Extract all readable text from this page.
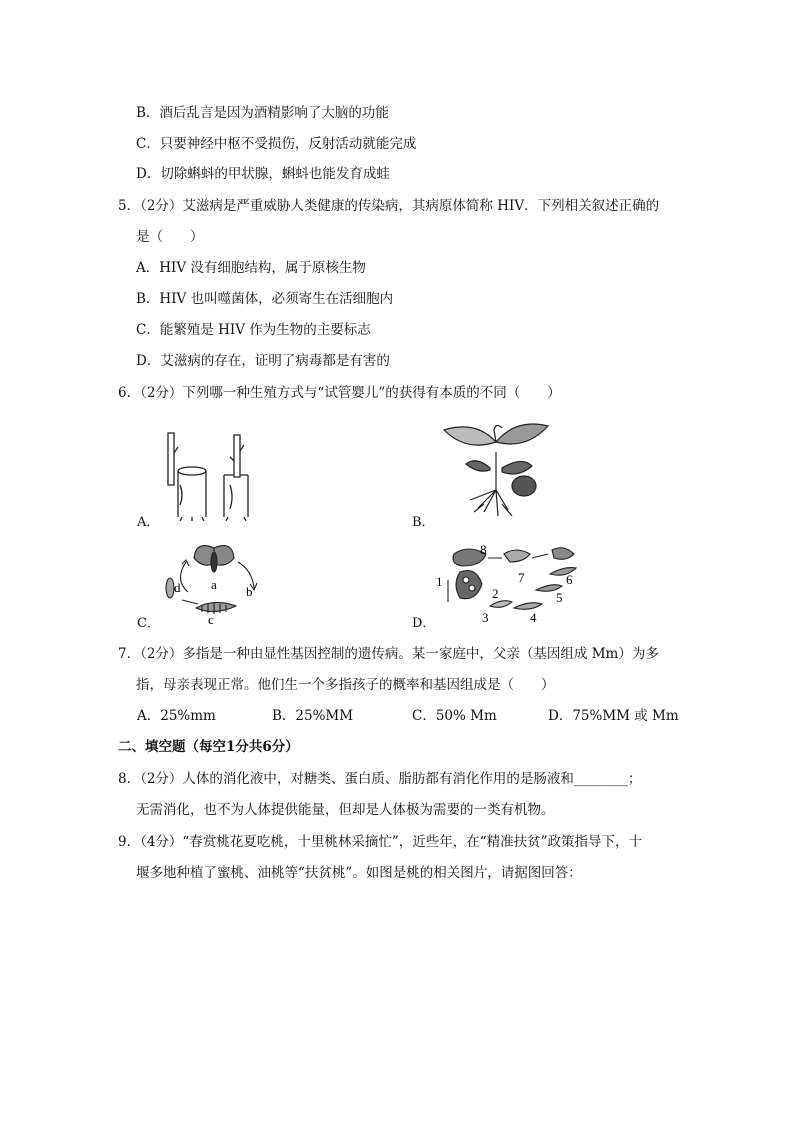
B．酒后乱言是因为酒精影响了大脑的功能
C．只要神经中枢不受损伤，反射活动就能完成
D．切除蝌蚪的甲状腺，蝌蚪也能发育成蛙
5．（2分）艾滋病是严重威胁人类健康的传染病，其病原体简称 HIV．下列相关叙述正确的
是（　　）
A．HIV 没有细胞结构，属于原核生物
B．HIV 也叫噬菌体，必须寄生在活细胞内
C．能繁殖是 HIV 作为生物的主要标志
D．艾滋病的存在，证明了病毒都是有害的
6．（2分）下列哪一种生殖方式与“试管婴儿”的获得有本质的不同（　　）
A．	B．
C．
a b
c
d
D．
1
2
3	4
5
6
7
8
7．（2分）多指是一种由显性基因控制的遗传病。某一家庭中，父亲（基因组成 Mm）为多
指，母亲表现正常。他们生一个多指孩子的概率和基因组成是（　　）
A．25%mm	B．25%MM	C．50% Mm	D．75%MM 或 Mm
二、填空题（每空1分共6分）
8．（2分）人体的消化液中，对糖类、蛋白质、脂肪都有消化作用的是肠液和________；
无需消化，也不为人体提供能量，但却是人体极为需要的一类有机物。
9．（4分）“春赏桃花夏吃桃，十里桃林采摘忙”，近些年，在“精准扶贫”政策指导下，十
堰多地种植了蜜桃、油桃等“扶贫桃”。如图是桃的相关图片，请据图回答：
